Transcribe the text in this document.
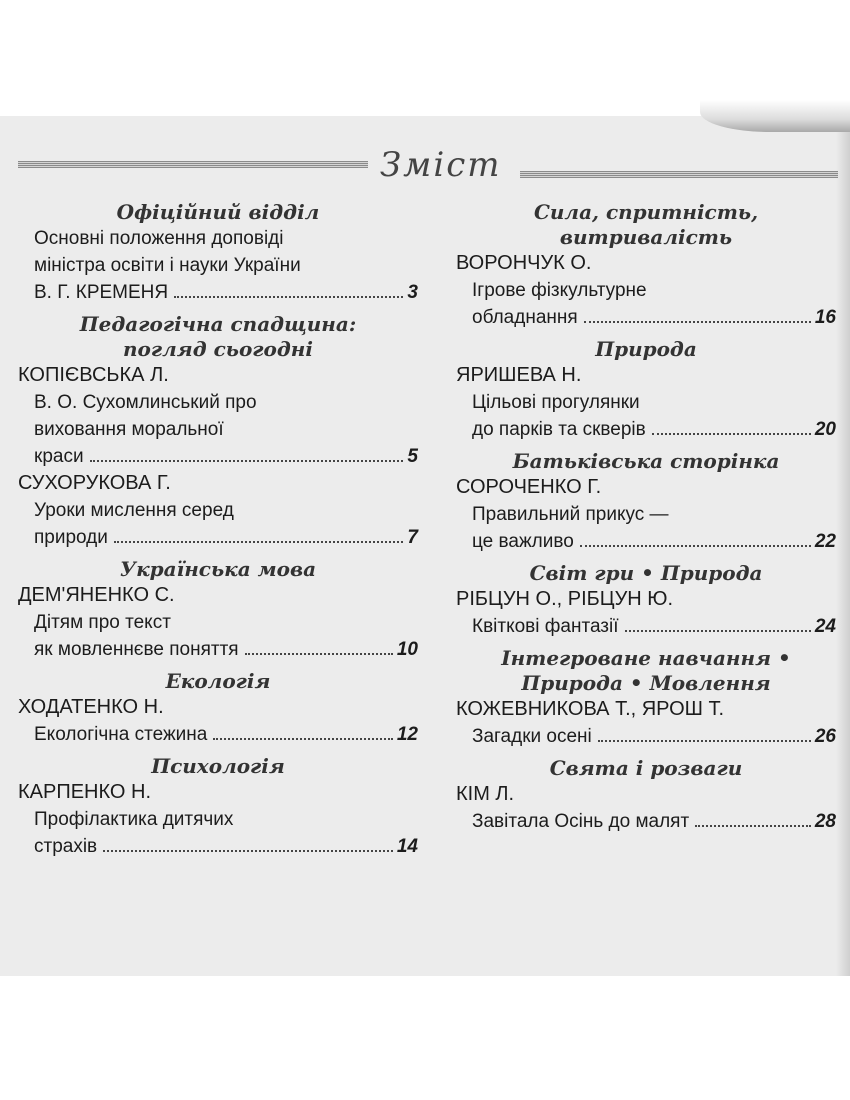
Зміст
Офіційний відділ
Основні положення доповіді
міністра освіти і науки України
В. Г. КРЕМЕНЯ	3
Педагогічна спадщина:
погляд сьогодні
КОПІЄВСЬКА Л.
В. О. Сухомлинський про
виховання моральної
краси	5
СУХОРУКОВА Г.
Уроки мислення серед
природи	7
Українська мова
ДЕМ'ЯНЕНКО С.
Дітям про текст
як мовленнєве поняття	10
Екологія
ХОДАТЕНКО Н.
Екологічна стежина	12
Психологія
КАРПЕНКО Н.
Профілактика дитячих
страхів	14
Сила, спритність,
витривалість
ВОРОНЧУК О.
Ігрове фізкультурне
обладнання	16
Природа
ЯРИШЕВА Н.
Цільові прогулянки
до парків та скверів	20
Батьківська сторінка
СОРОЧЕНКО Г.
Правильний прикус —
це важливо	22
Світ гри • Природа
РІБЦУН О., РІБЦУН Ю.
Квіткові фантазії	24
Інтегроване навчання •
Природа • Мовлення
КОЖЕВНИКОВА Т., ЯРОШ Т.
Загадки осені	26
Свята і розваги
КІМ Л.
Завітала Осінь до малят	28
